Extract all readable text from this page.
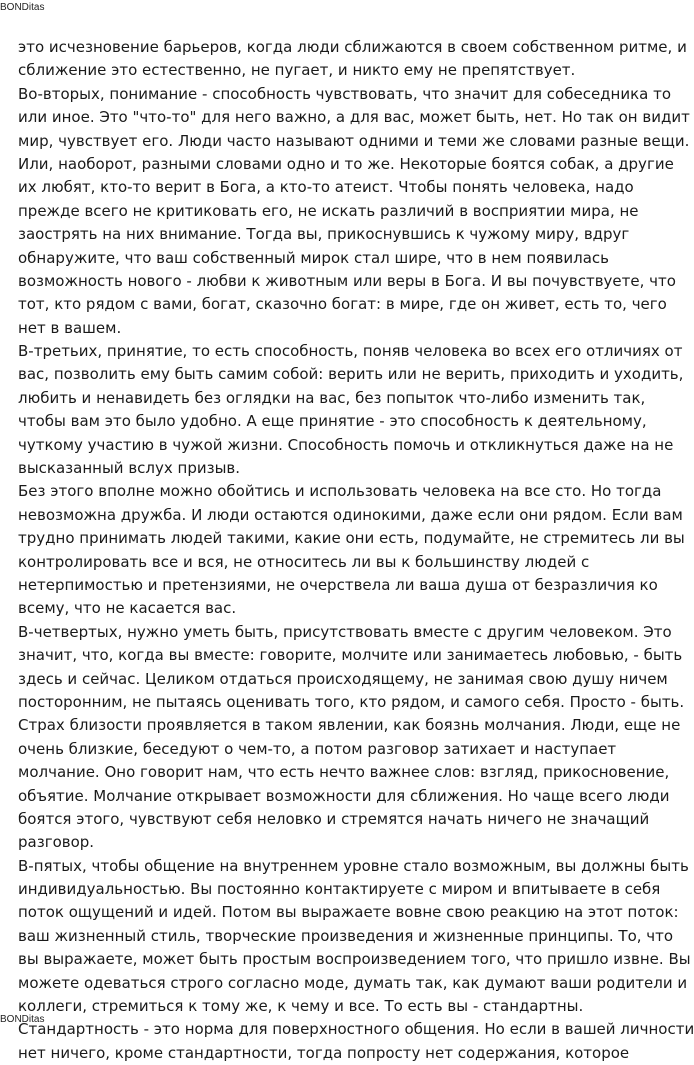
BONDitas
это исчезновение барьеров, когда люди сближаются в своем собственном ритме, и
сближение это естественно, не пугает, и никто ему не препятствует.
Во-вторых, понимание - способность чувствовать, что значит для собеседника то
или иное. Это "что-то" для него важно, а для вас, может быть, нет. Но так он видит
мир, чувствует его. Люди часто называют одними и теми же словами разные вещи.
Или, наоборот, разными словами одно и то же. Некоторые боятся собак, а другие
их любят, кто-то верит в Бога, а кто-то атеист. Чтобы понять человека, надо
прежде всего не критиковать его, не искать различий в восприятии мира, не
заострять на них внимание. Тогда вы, прикоснувшись к чужому миру, вдруг
обнаружите, что ваш собственный мирок стал шире, что в нем появилась
возможность нового - любви к животным или веры в Бога. И вы почувствуете, что
тот, кто рядом с вами, богат, сказочно богат: в мире, где он живет, есть то, чего
нет в вашем.
В-третьих, принятие, то есть способность, поняв человека во всех его отличиях от
вас, позволить ему быть самим собой: верить или не верить, приходить и уходить,
любить и ненавидеть без оглядки на вас, без попыток что-либо изменить так,
чтобы вам это было удобно. А еще принятие - это способность к деятельному,
чуткому участию в чужой жизни. Способность помочь и откликнуться даже на не
высказанный вслух призыв.
Без этого вполне можно обойтись и использовать человека на все сто. Но тогда
невозможна дружба. И люди остаются одинокими, даже если они рядом. Если вам
трудно принимать людей такими, какие они есть, подумайте, не стремитесь ли вы
контролировать все и вся, не относитесь ли вы к большинству людей с
нетерпимостью и претензиями, не очерствела ли ваша душа от безразличия ко
всему, что не касается вас.
В-четвертых, нужно уметь быть, присутствовать вместе с другим человеком. Это
значит, что, когда вы вместе: говорите, молчите или занимаетесь любовью, - быть
здесь и сейчас. Целиком отдаться происходящему, не занимая свою душу ничем
посторонним, не пытаясь оценивать того, кто рядом, и самого себя. Просто - быть.
Страх близости проявляется в таком явлении, как боязнь молчания. Люди, еще не
очень близкие, беседуют о чем-то, а потом разговор затихает и наступает
молчание. Оно говорит нам, что есть нечто важнее слов: взгляд, прикосновение,
объятие. Молчание открывает возможности для сближения. Но чаще всего люди
боятся этого, чувствуют себя неловко и стремятся начать ничего не значащий
разговор.
В-пятых, чтобы общение на внутреннем уровне стало возможным, вы должны быть
индивидуальностью. Вы постоянно контактируете с миром и впитываете в себя
поток ощущений и идей. Потом вы выражаете вовне свою реакцию на этот поток:
ваш жизненный стиль, творческие произведения и жизненные принципы. То, что
вы выражаете, может быть простым воспроизведением того, что пришло извне. Вы
можете одеваться строго согласно моде, думать так, как думают ваши родители и
коллеги, стремиться к тому же, к чему и все. То есть вы - стандартны.
Стандартность - это норма для поверхностного общения. Но если в вашей личности
нет ничего, кроме стандартности, тогда попросту нет содержания, которое
BONDitas
